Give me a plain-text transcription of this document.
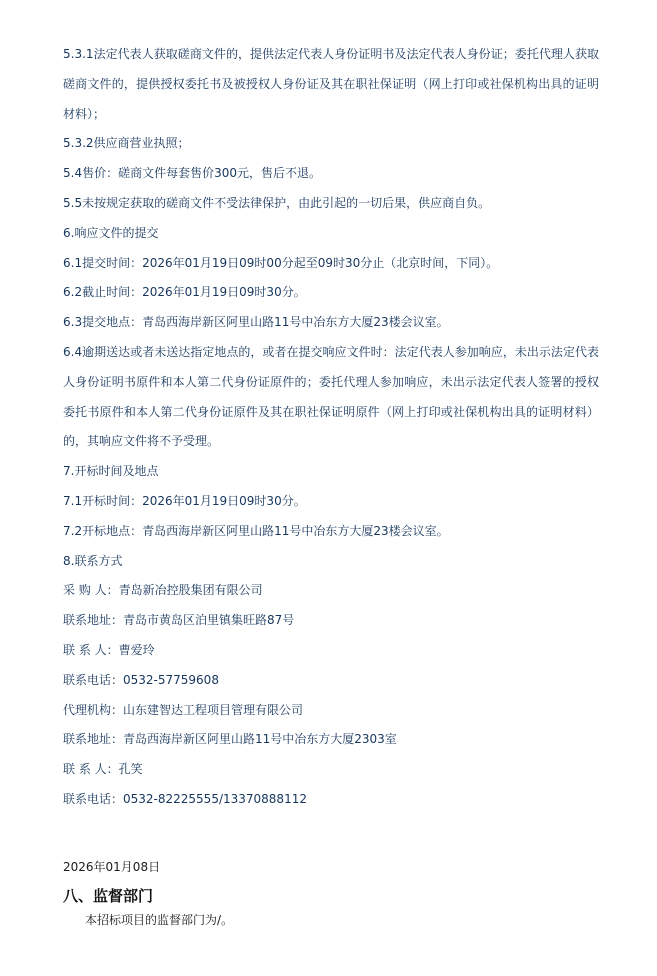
5.3.1法定代表人获取磋商文件的，提供法定代表人身份证明书及法定代表人身份证；委托代理人获取磋商文件的，提供授权委托书及被授权人身份证及其在职社保证明（网上打印或社保机构出具的证明材料）；

5.3.2供应商营业执照；

5.4售价：磋商文件每套售价300元，售后不退。

5.5未按规定获取的磋商文件不受法律保护，由此引起的一切后果，供应商自负。

6.响应文件的提交

6.1提交时间：2026年01月19日09时00分起至09时30分止（北京时间，下同）。

6.2截止时间：2026年01月19日09时30分。

6.3提交地点：青岛西海岸新区阿里山路11号中冶东方大厦23楼会议室。

6.4逾期送达或者未送达指定地点的，或者在提交响应文件时：法定代表人参加响应，未出示法定代表人身份证明书原件和本人第二代身份证原件的；委托代理人参加响应，未出示法定代表人签署的授权委托书原件和本人第二代身份证原件及其在职社保证明原件（网上打印或社保机构出具的证明材料）的，其响应文件将不予受理。

7.开标时间及地点

7.1开标时间：2026年01月19日09时30分。

7.2开标地点：青岛西海岸新区阿里山路11号中冶东方大厦23楼会议室。

8.联系方式

采 购 人：青岛新冶控股集团有限公司

联系地址：青岛市黄岛区泊里镇集旺路87号

联 系 人：曹爱玲

联系电话：0532-57759608

代理机构：山东建智达工程项目管理有限公司

联系地址：青岛西海岸新区阿里山路11号中冶东方大厦2303室

联 系 人：孔笑

联系电话：0532-82225555/13370888112

2026年01月08日

八、监督部门

本招标项目的监督部门为/。
